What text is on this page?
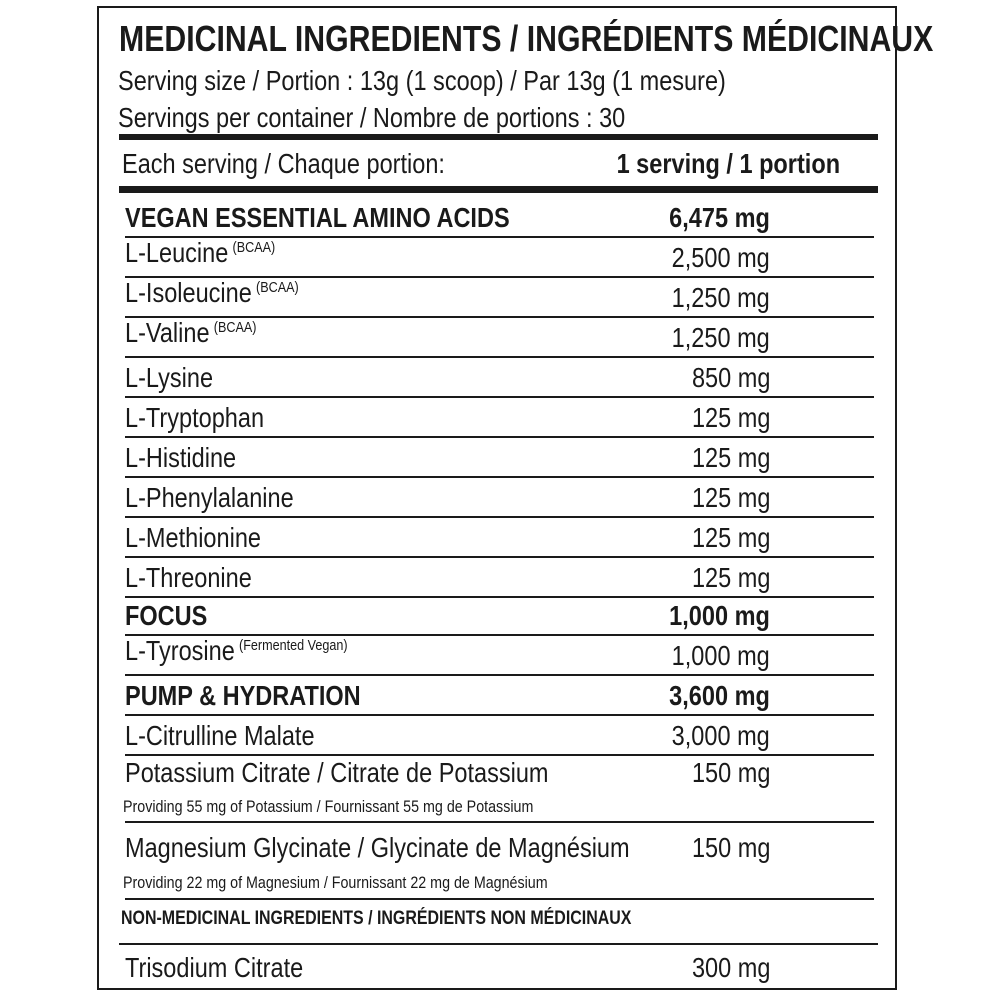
MEDICINAL INGREDIENTS / INGRÉDIENTS MÉDICINAUX
Serving size / Portion : 13g (1 scoop) / Par 13g (1 mesure)
Servings per container / Nombre de portions : 30
Each serving / Chaque portion:	1 serving / 1 portion
VEGAN ESSENTIAL AMINO ACIDS	6,475 mg
L-Leucine $^{(BCAA)}$	2,500 mg
L-Isoleucine $^{(BCAA)}$	1,250 mg
L-Valine $^{(BCAA)}$	1,250 mg
L-Lysine	850 mg
L-Tryptophan	125 mg
L-Histidine	125 mg
L-Phenylalanine	125 mg
L-Methionine	125 mg
L-Threonine	125 mg
FOCUS	1,000 mg
L-Tyrosine $^{(Fermented Vegan)}$	1,000 mg
PUMP & HYDRATION	3,600 mg
L-Citrulline Malate	3,000 mg
Potassium Citrate / Citrate de Potassium	150 mg
Providing 55 mg of Potassium / Fournissant 55 mg de Potassium
Magnesium Glycinate / Glycinate de Magnésium	150 mg
Providing 22 mg of Magnesium / Fournissant 22 mg de Magnésium
NON-MEDICINAL INGREDIENTS / INGRÉDIENTS NON MÉDICINAUX
Trisodium Citrate	300 mg
